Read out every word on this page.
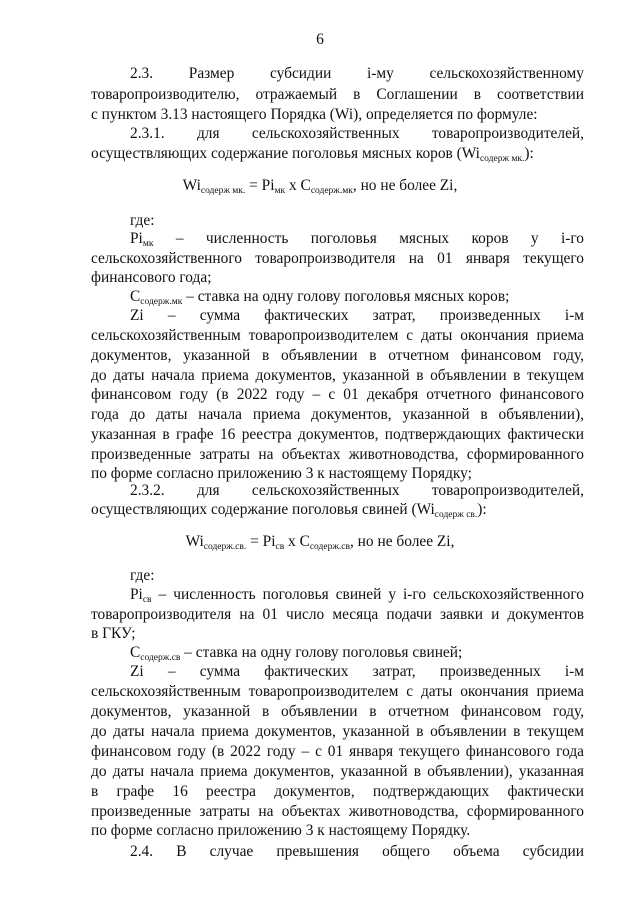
6
2.3. Размер субсидии i-му сельскохозяйственному
товаропроизводителю, отражаемый в Соглашении в соответствии
с пунктом 3.13 настоящего Порядка (Wi), определяется по формуле:
2.3.1. для сельскохозяйственных товаропроизводителей,
осуществляющих содержание поголовья мясных коров (Wiсодерж мк.):
Wiсодерж мк. = Piмк х Cсодерж.мк, но не более Zi,
где:
Piмк – численность поголовья мясных коров у i-го
сельскохозяйственного товаропроизводителя на 01 января текущего
финансового года;
Cсодерж.мк – ставка на одну голову поголовья мясных коров;
Zi – сумма фактических затрат, произведенных i-м
сельскохозяйственным товаропроизводителем с даты окончания приема
документов, указанной в объявлении в отчетном финансовом году,
до даты начала приема документов, указанной в объявлении в текущем
финансовом году (в 2022 году – с 01 декабря отчетного финансового
года до даты начала приема документов, указанной в объявлении),
указанная в графе 16 реестра документов, подтверждающих фактически
произведенные затраты на объектах животноводства, сформированного
по форме согласно приложению 3 к настоящему Порядку;
2.3.2. для сельскохозяйственных товаропроизводителей,
осуществляющих содержание поголовья свиней (Wiсодерж св.):
Wiсодерж.св. = Piсв х Cсодерж.св, но не более Zi,
где:
Piсв – численность поголовья свиней у i-го сельскохозяйственного
товаропроизводителя на 01 число месяца подачи заявки и документов
в ГКУ;
Cсодерж.св – ставка на одну голову поголовья свиней;
Zi – сумма фактических затрат, произведенных i-м
сельскохозяйственным товаропроизводителем с даты окончания приема
документов, указанной в объявлении в отчетном финансовом году,
до даты начала приема документов, указанной в объявлении в текущем
финансовом году (в 2022 году – с 01 января текущего финансового года
до даты начала приема документов, указанной в объявлении), указанная
в графе 16 реестра документов, подтверждающих фактически
произведенные затраты на объектах животноводства, сформированного
по форме согласно приложению 3 к настоящему Порядку.
2.4. В случае превышения общего объема субсидии
